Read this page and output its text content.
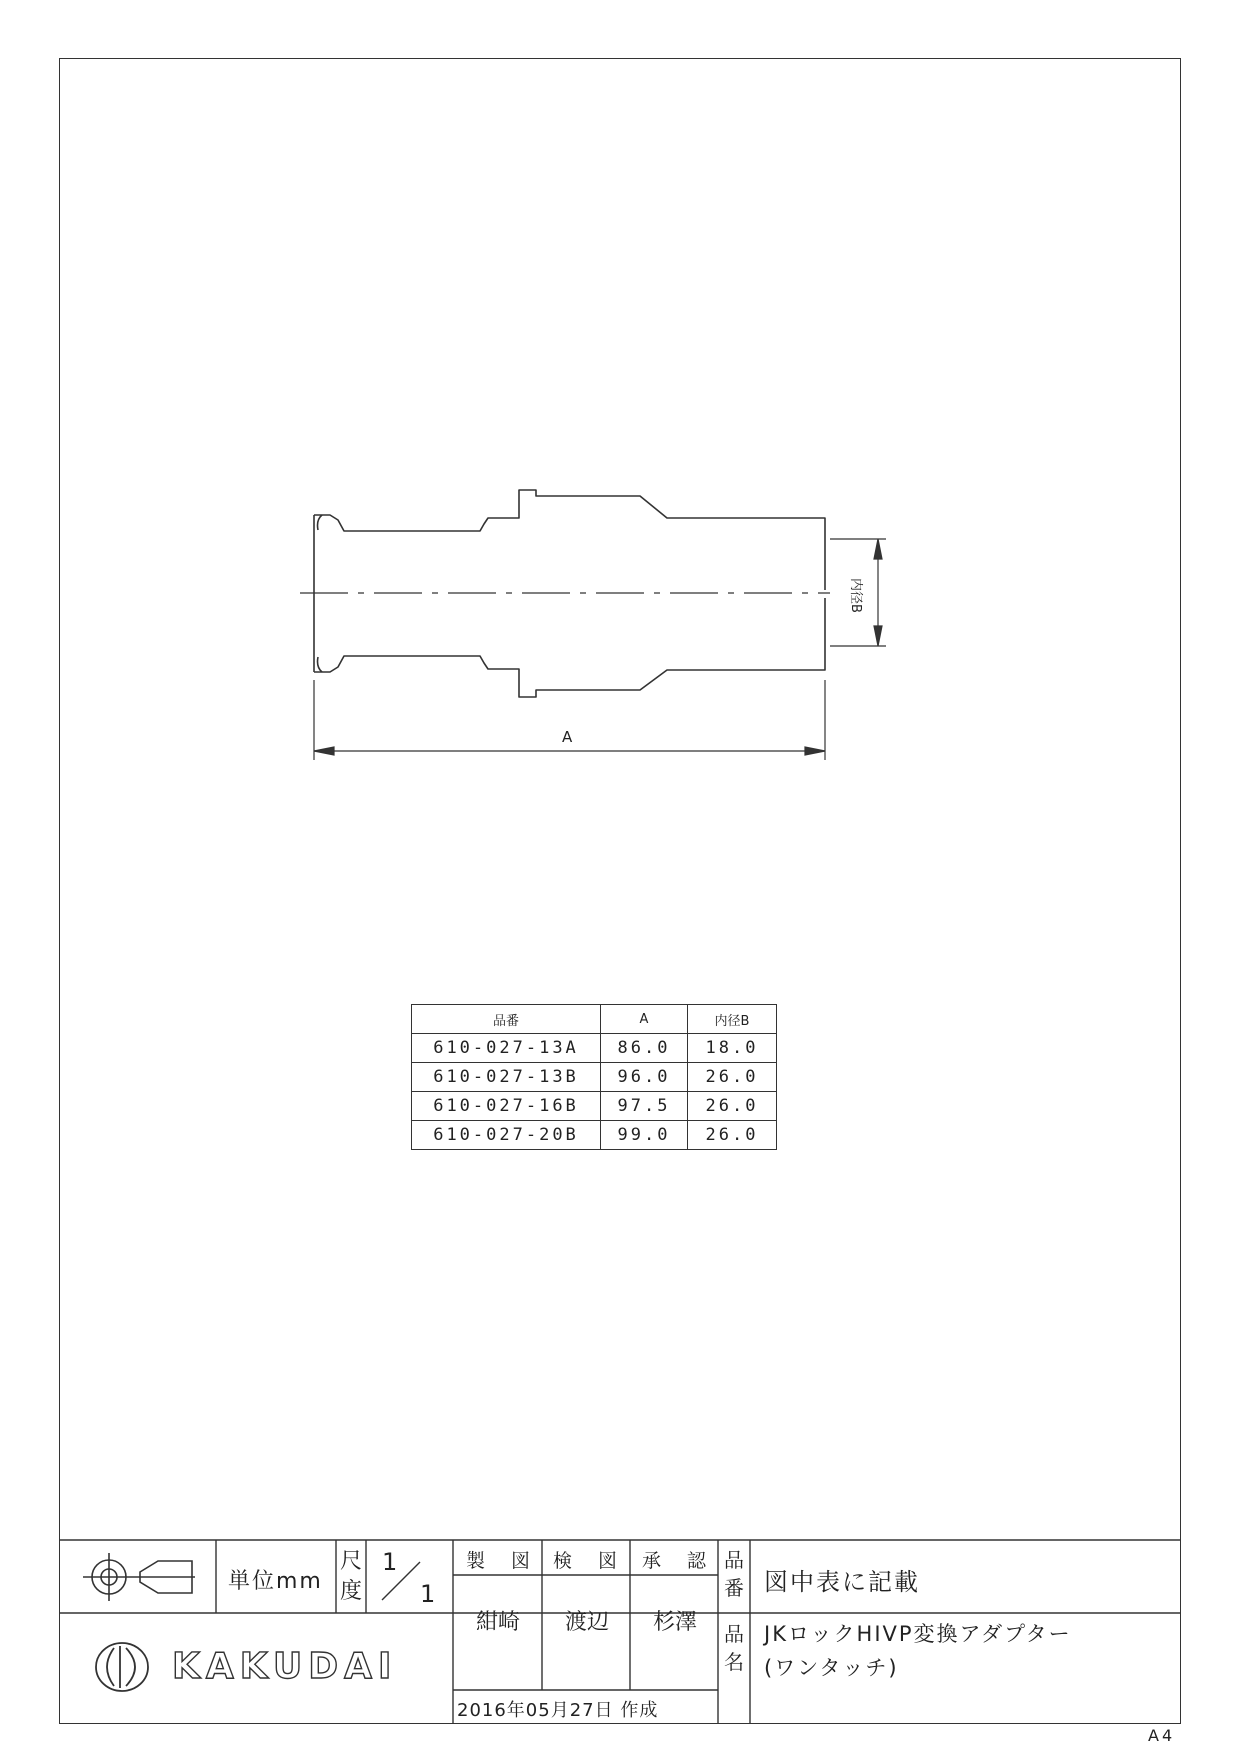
A
内径B
品番	A	内径B
610-027-13A	86.0	18.0
610-027-13B	96.0	26.0
610-027-16B	97.5	26.0
610-027-20B	99.0	26.0
単位mm
尺
度
1
1
製 図 検 図 承 認
紺崎 渡辺 杉澤
2016年05月27日 作成
品
番 図中表に記載
品
名
JKロックHIVP変換アダプター
(ワンタッチ)
KAKUDAI
A4
